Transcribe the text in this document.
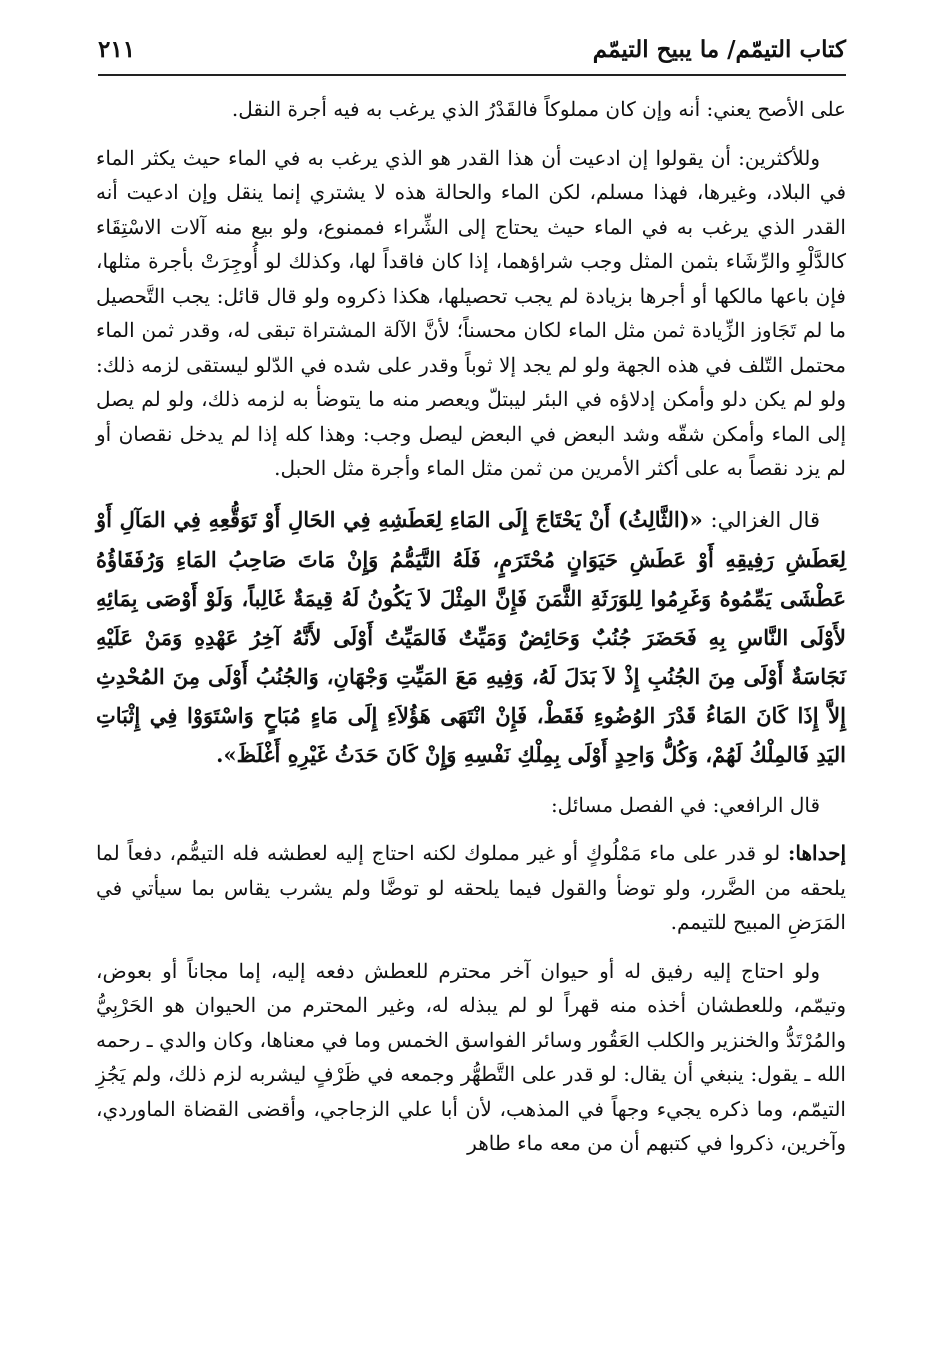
كتاب التيمّم/ ما يبيح التيمّم
٢١١

على الأصح يعني: أنه وإن كان مملوكاً فالقَدْرُ الذي يرغب به فيه أجرة النقل.

وللأكثرين: أن يقولوا إن ادعيت أن هذا القدر هو الذي يرغب به في الماء حيث يكثر الماء في البلاد، وغيرها، فهذا مسلم، لكن الماء والحالة هذه لا يشتري إنما ينقل وإن ادعيت أنه القدر الذي يرغب به في الماء حيث يحتاج إلى الشِّراء فممنوع، ولو بيع منه آلات الاسْتِقَاء كالدَّلْوِ والرِّشَاء بثمن المثل وجب شراؤهما، إذا كان فاقداً لها، وكذلك لو أُوجِرَتْ بأجرة مثلها، فإن باعها مالكها أو أجرها بزيادة لم يجب تحصيلها، هكذا ذكروه ولو قال قائل: يجب التَّحصيل ما لم تَجَاوز الزِّيادة ثمن مثل الماء لكان محسناً؛ لأنَّ الآلة المشتراة تبقى له، وقدر ثمن الماء محتمل التّلف في هذه الجهة ولو لم يجد إلا ثوباً وقدر على شده في الدّلو ليستقى لزمه ذلك: ولو لم يكن دلو وأمكن إدلاؤه في البئر ليبتلّ ويعصر منه ما يتوضأ به لزمه ذلك، ولو لم يصل إلى الماء وأمكن شقّه وشد البعض في البعض ليصل وجب: وهذا كله إذا لم يدخل نقصان أو لم يزد نقصاً به على أكثر الأمرين من ثمن مثل الماء وأجرة مثل الحبل.

قال الغزالي: «(الثَّالِثُ) أَنْ يَحْتَاجَ إِلَى المَاءِ لِعَطَشِهِ فِي الحَالِ أَوْ تَوَقُّعِهِ فِي المَآلِ أَوْ لِعَطَشِ رَفِيقِهِ أَوْ عَطَشِ حَيَوَانٍ مُحْتَرَمٍ، فَلَهُ التَّيَمُّمُ وَإِنْ مَاتَ صَاحِبُ المَاءِ وَرُفَقَاؤُهُ عَطْشَى يَمِّمُوهُ وَغَرِمُوا لِلوَرَثَةِ الثَّمَنَ فَإِنَّ المِثْلَ لاَ يَكُونُ لَهُ قِيمَةٌ غَالِباً، وَلَوْ أَوْصَى بِمَائِهِ لأَوْلَى النَّاسِ بِهِ فَحَضَرَ جُنُبٌ وَحَائِضٌ وَمَيِّتٌ فَالمَيِّتُ أَوْلَى لأَنَّهُ آخِرُ عَهْدِهِ وَمَنْ عَلَيْهِ نَجَاسَةٌ أَوْلَى مِنَ الجُنُبِ إِذْ لاَ بَدَلَ لَهُ، وَفِيهِ مَعَ المَيِّتِ وَجْهَانِ، وَالجُنُبُ أَوْلَى مِنَ المُحْدِثِ إِلاَّ إِذَا كَانَ المَاءُ قَدْرَ الوُضُوءِ فَقَطْ، فَإِنْ انْتَهَى هَؤُلاَءِ إِلَى مَاءٍ مُبَاحٍ وَاسْتَوَوْا فِي إِثْبَاتِ اليَدِ فَالمِلْكُ لَهُمْ، وَكُلُّ وَاحِدٍ أَوْلَى بِمِلْكِ نَفْسِهِ وَإِنْ كَانَ حَدَثُ غَيْرِهِ أَغْلَظَ».

قال الرافعي: في الفصل مسائل:

إحداها: لو قدر على ماء مَمْلُوكٍ أو غير مملوك لكنه احتاج إليه لعطشه فله التيمُّم، دفعاً لما يلحقه من الضَّرر، ولو توضأ والقول فيما يلحقه لو توضَّا ولم يشرب يقاس بما سيأتي في المَرَضِ المبيح للتيمم.

ولو احتاج إليه رفيق له أو حيوان آخر محترم للعطش دفعه إليه، إما مجاناً أو بعوض، وتيمّم، وللعطشان أخذه منه قهراً لو لم يبذله له، وغير المحترم من الحيوان هو الحَرْبِيُّ والمُرْتَدُّ والخنزير والكلب العَقُور وسائر الفواسق الخمس وما في معناها، وكان والدي ـ رحمه الله ـ يقول: ينبغي أن يقال: لو قدر على التَّطهُّر وجمعه في ظَرْفٍ ليشربه لزم ذلك، ولم يَجُزِ التيمّم، وما ذكره يجيء وجهاً في المذهب، لأن أبا علي الزجاجي، وأقضى القضاة الماوردي، وآخرين، ذكروا في كتبهم أن من معه ماء طاهر
